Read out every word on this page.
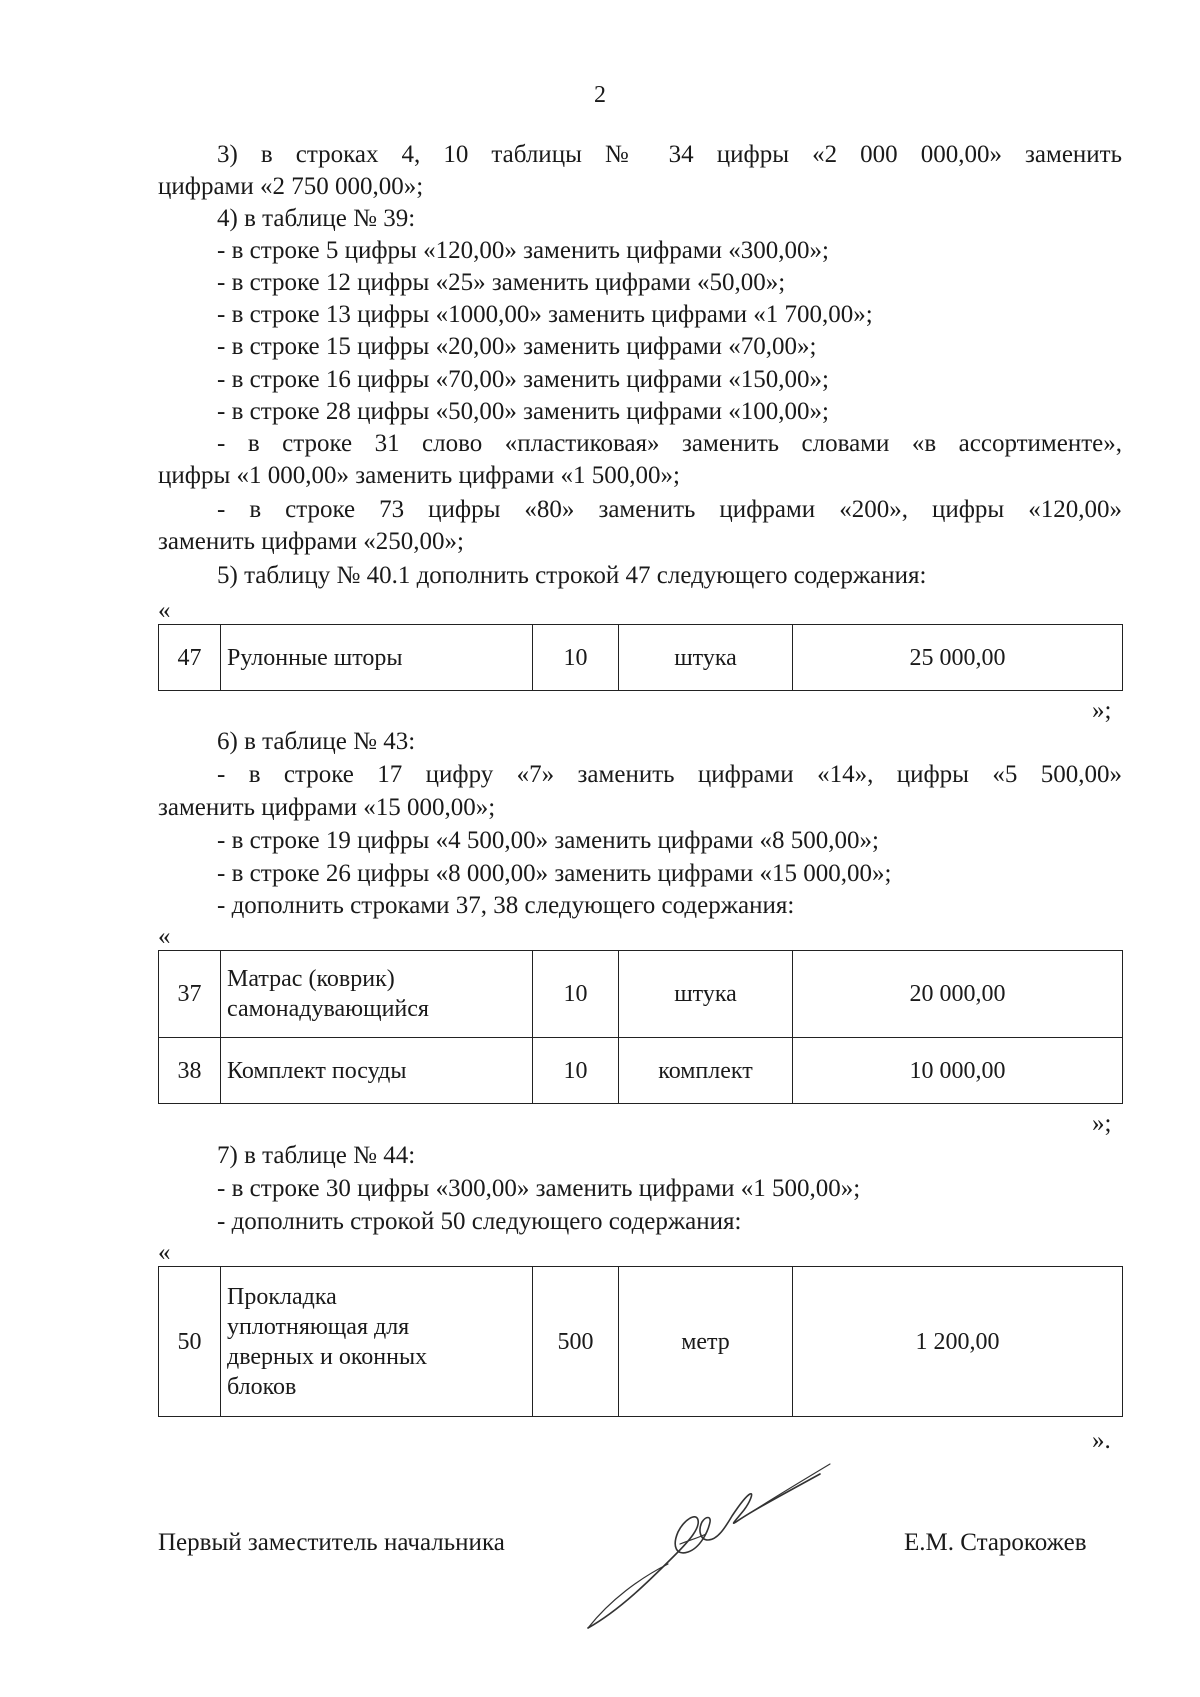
2
3) в строках 4, 10 таблицы № 34 цифры «2 000 000,00» заменить
цифрами «2 750 000,00»;
4) в таблице № 39:
- в строке 5 цифры «120,00» заменить цифрами «300,00»;
- в строке 12 цифры «25» заменить цифрами «50,00»;
- в строке 13 цифры «1000,00» заменить цифрами «1 700,00»;
- в строке 15 цифры «20,00» заменить цифрами «70,00»;
- в строке 16 цифры «70,00» заменить цифрами «150,00»;
- в строке 28 цифры «50,00» заменить цифрами «100,00»;
- в строке 31 слово «пластиковая» заменить словами «в ассортименте»,
цифры «1 000,00» заменить цифрами «1 500,00»;
- в строке 73 цифры «80» заменить цифрами «200», цифры «120,00»
заменить цифрами «250,00»;
5) таблицу № 40.1 дополнить строкой 47 следующего содержания:
«
47	Рулонные шторы	10	штука	25 000,00
»;
6) в таблице № 43:
- в строке 17 цифру «7» заменить цифрами «14», цифры «5 500,00»
заменить цифрами «15 000,00»;
- в строке 19 цифры «4 500,00» заменить цифрами «8 500,00»;
- в строке 26 цифры «8 000,00» заменить цифрами «15 000,00»;
- дополнить строками 37, 38 следующего содержания:
«
37	Матрас (коврик)
самонадувающийся	10	штука	20 000,00
38	Комплект посуды	10	комплект	10 000,00
»;
7) в таблице № 44:
- в строке 30 цифры «300,00» заменить цифрами «1 500,00»;
- дополнить строкой 50 следующего содержания:
«
50	
Прокладка
уплотняющая для
дверных и оконных
блоков
	500	метр	1 200,00
».
Первый заместитель начальника	Е.М. Старокожев
